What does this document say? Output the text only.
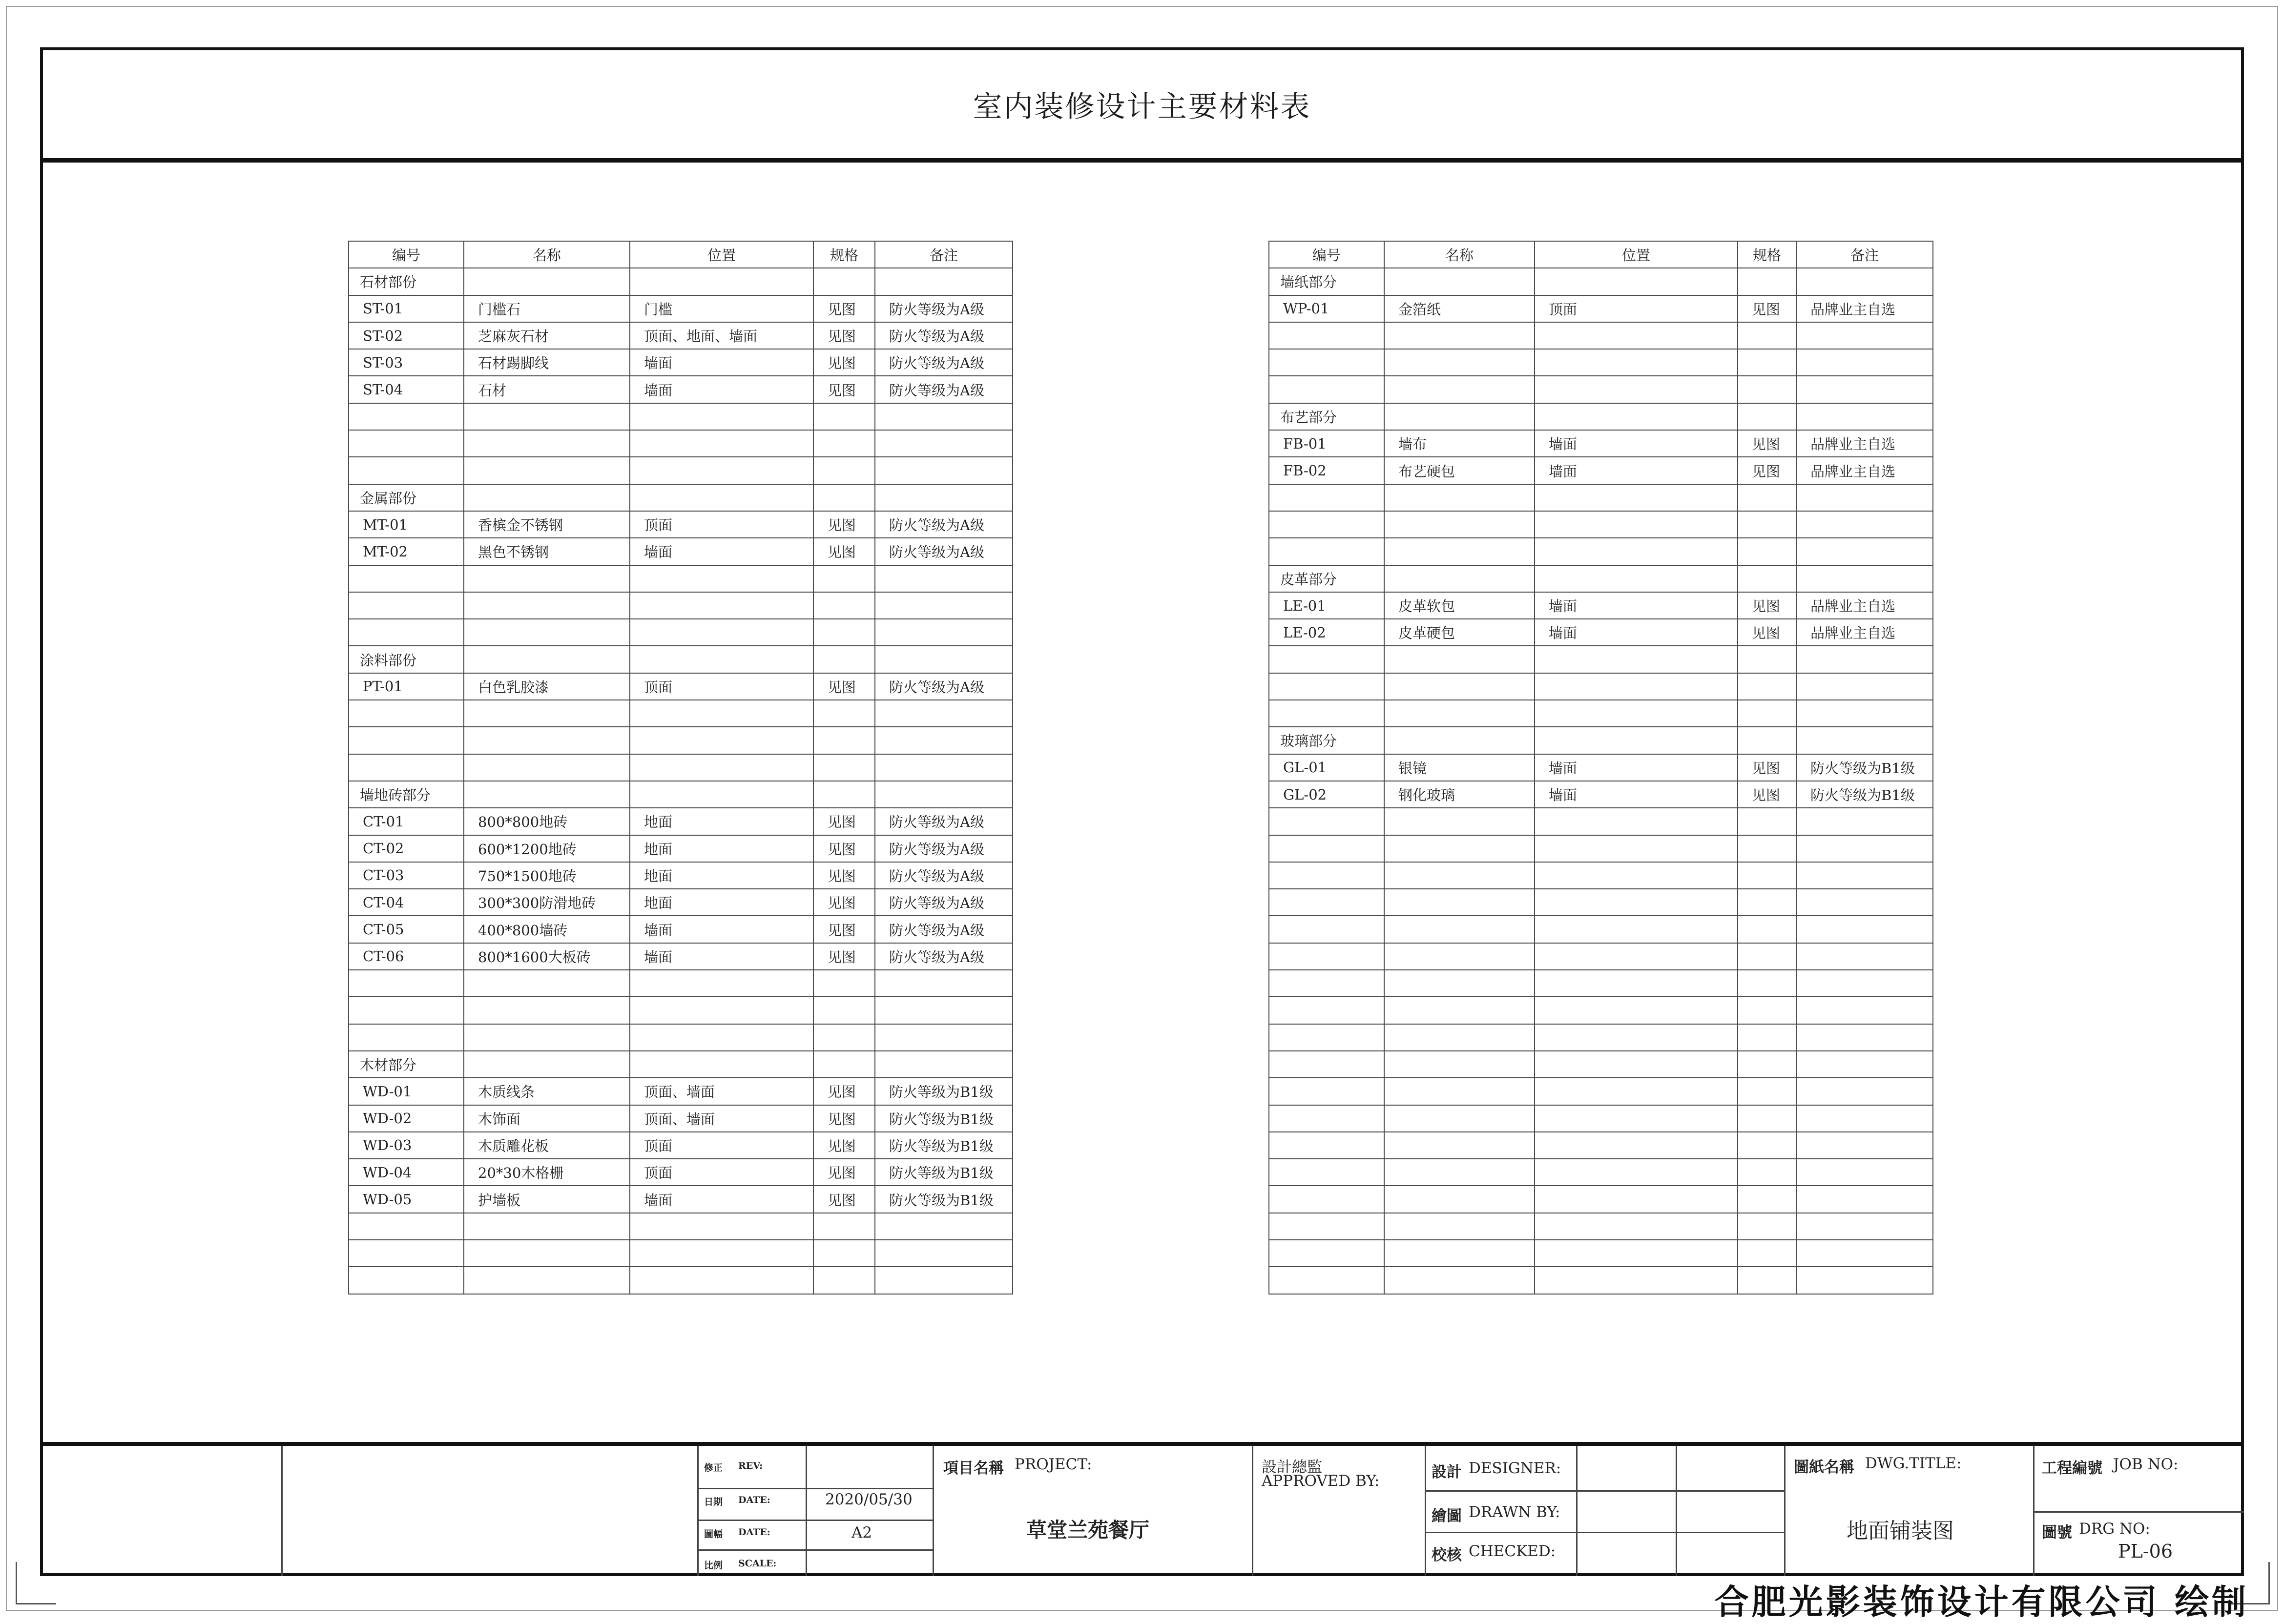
室内装修设计主要材料表
编号	名称	位置	规格	备注
石材部份				
ST-01	门槛石	门槛	见图	防火等级为A级
ST-02	芝麻灰石材	顶面、地面、墙面	见图	防火等级为A级
ST-03	石材踢脚线	墙面	见图	防火等级为A级
ST-04	石材	墙面	见图	防火等级为A级

金属部份				
MT-01	香槟金不锈钢	顶面	见图	防火等级为A级
MT-02	黑色不锈钢	墙面	见图	防火等级为A级

涂料部份				
PT-01	白色乳胶漆	顶面	见图	防火等级为A级

墙地砖部分				
CT-01	800*800地砖	地面	见图	防火等级为A级
CT-02	600*1200地砖	地面	见图	防火等级为A级
CT-03	750*1500地砖	地面	见图	防火等级为A级
CT-04	300*300防滑地砖	地面	见图	防火等级为A级
CT-05	400*800墙砖	墙面	见图	防火等级为A级
CT-06	800*1600大板砖	墙面	见图	防火等级为A级

木材部分				
WD-01	木质线条	顶面、墙面	见图	防火等级为B1级
WD-02	木饰面	顶面、墙面	见图	防火等级为B1级
WD-03	木质雕花板	顶面	见图	防火等级为B1级
WD-04	20*30木格栅	顶面	见图	防火等级为B1级
WD-05	护墙板	墙面	见图	防火等级为B1级

编号	名称	位置	规格	备注
墙纸部分				
WP-01	金箔纸	顶面	见图	品牌业主自选

布艺部分				
FB-01	墙布	墙面	见图	品牌业主自选
FB-02	布艺硬包	墙面	见图	品牌业主自选

皮革部分				
LE-01	皮革软包	墙面	见图	品牌业主自选
LE-02	皮革硬包	墙面	见图	品牌业主自选

玻璃部分				
GL-01	银镜	墙面	见图	防火等级为B1级
GL-02	钢化玻璃	墙面	见图	防火等级为B1级

修正 REV:
日期 DATE:	2020/05/30
圖幅 DATE:	A2
比例 SCALE:
項目名稱 PROJECT:
草堂兰苑餐厅
設計總監
APPROVED BY:	設計 DESIGNER:
繪圖 DRAWN BY:
校核 CHECKED:
圖紙名稱 DWG.TITLE:
地面铺装图
工程編號 JOB NO:
圖號 DRG NO:
PL-06
合肥光影装饰设计有限公司 绘制
